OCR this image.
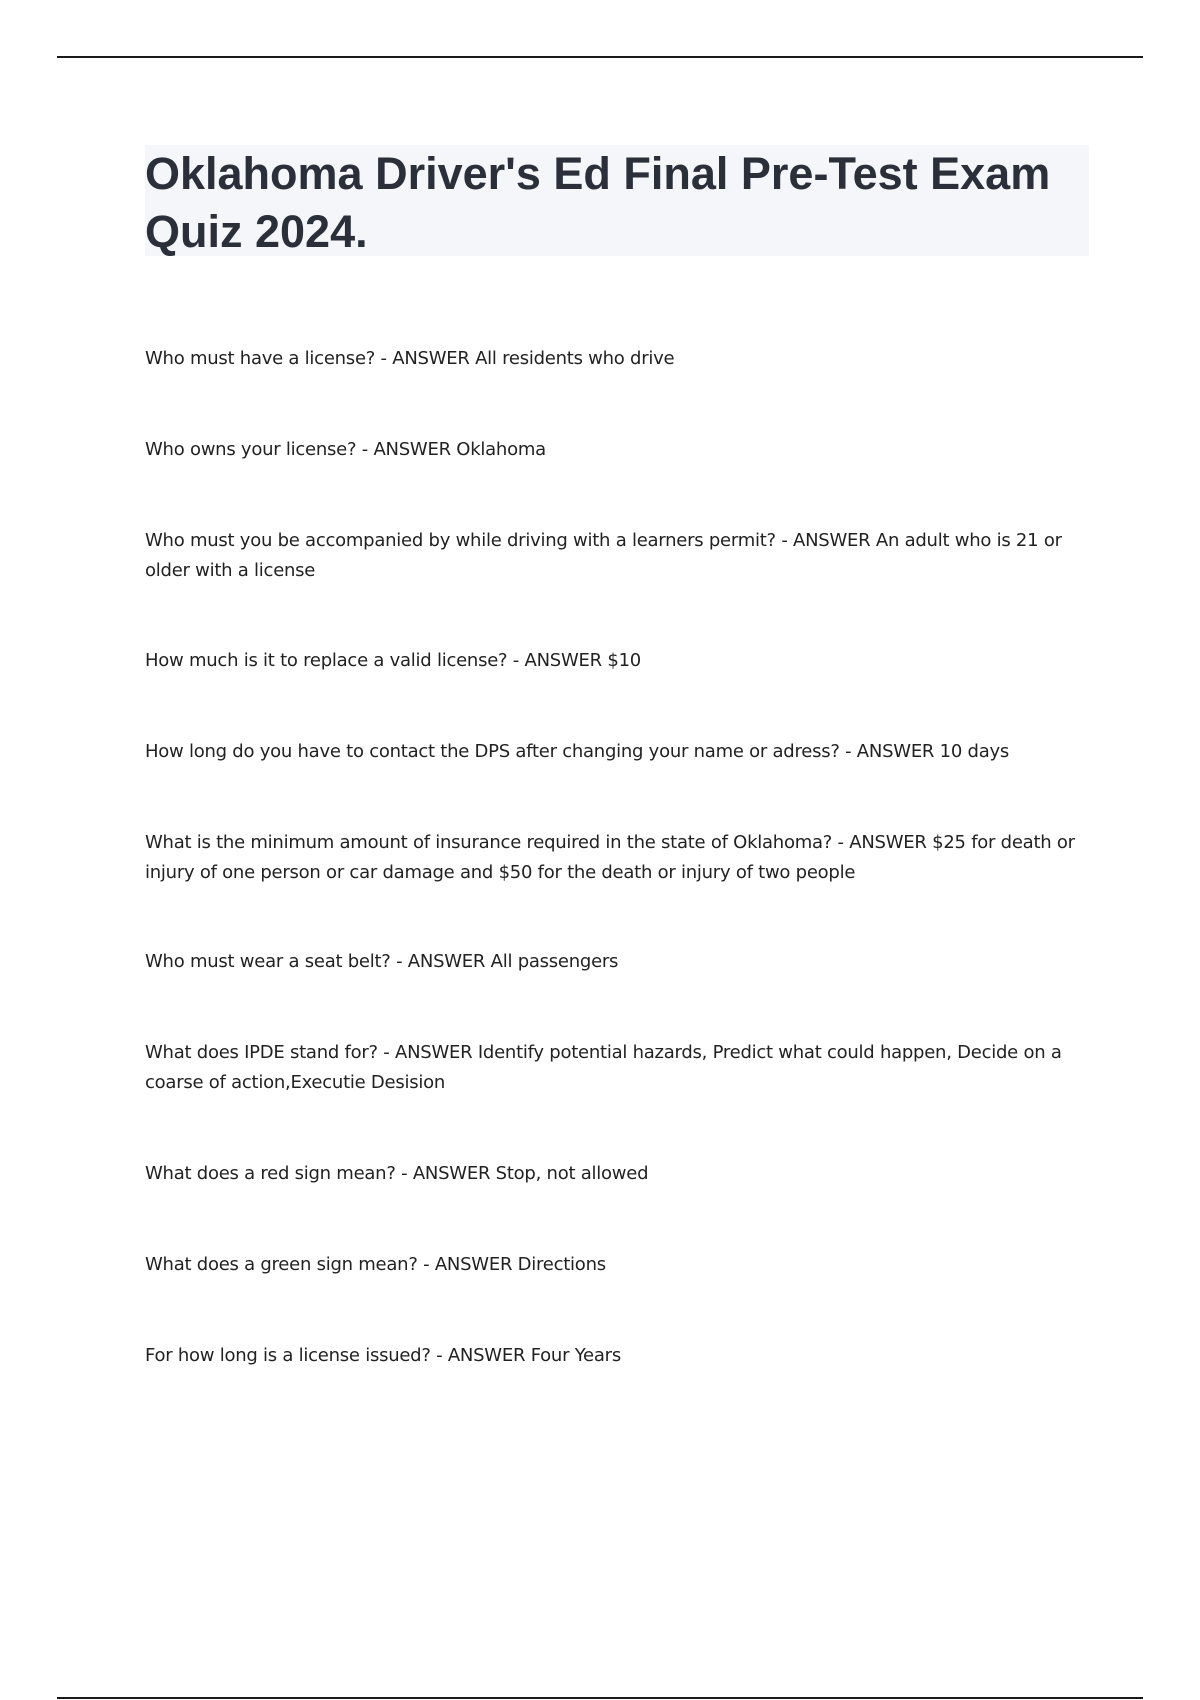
Oklahoma Driver's Ed Final Pre-Test Exam Quiz 2024.

Who must have a license? - ANSWER All residents who drive

Who owns your license? - ANSWER Oklahoma

Who must you be accompanied by while driving with a learners permit? - ANSWER An adult who is 21 or older with a license

How much is it to replace a valid license? - ANSWER $10

How long do you have to contact the DPS after changing your name or adress? - ANSWER 10 days

What is the minimum amount of insurance required in the state of Oklahoma? - ANSWER $25 for death or injury of one person or car damage and $50 for the death or injury of two people

Who must wear a seat belt? - ANSWER All passengers

What does IPDE stand for? - ANSWER Identify potential hazards, Predict what could happen, Decide on a coarse of action,Executie Desision

What does a red sign mean? - ANSWER Stop, not allowed

What does a green sign mean? - ANSWER Directions

For how long is a license issued? - ANSWER Four Years
